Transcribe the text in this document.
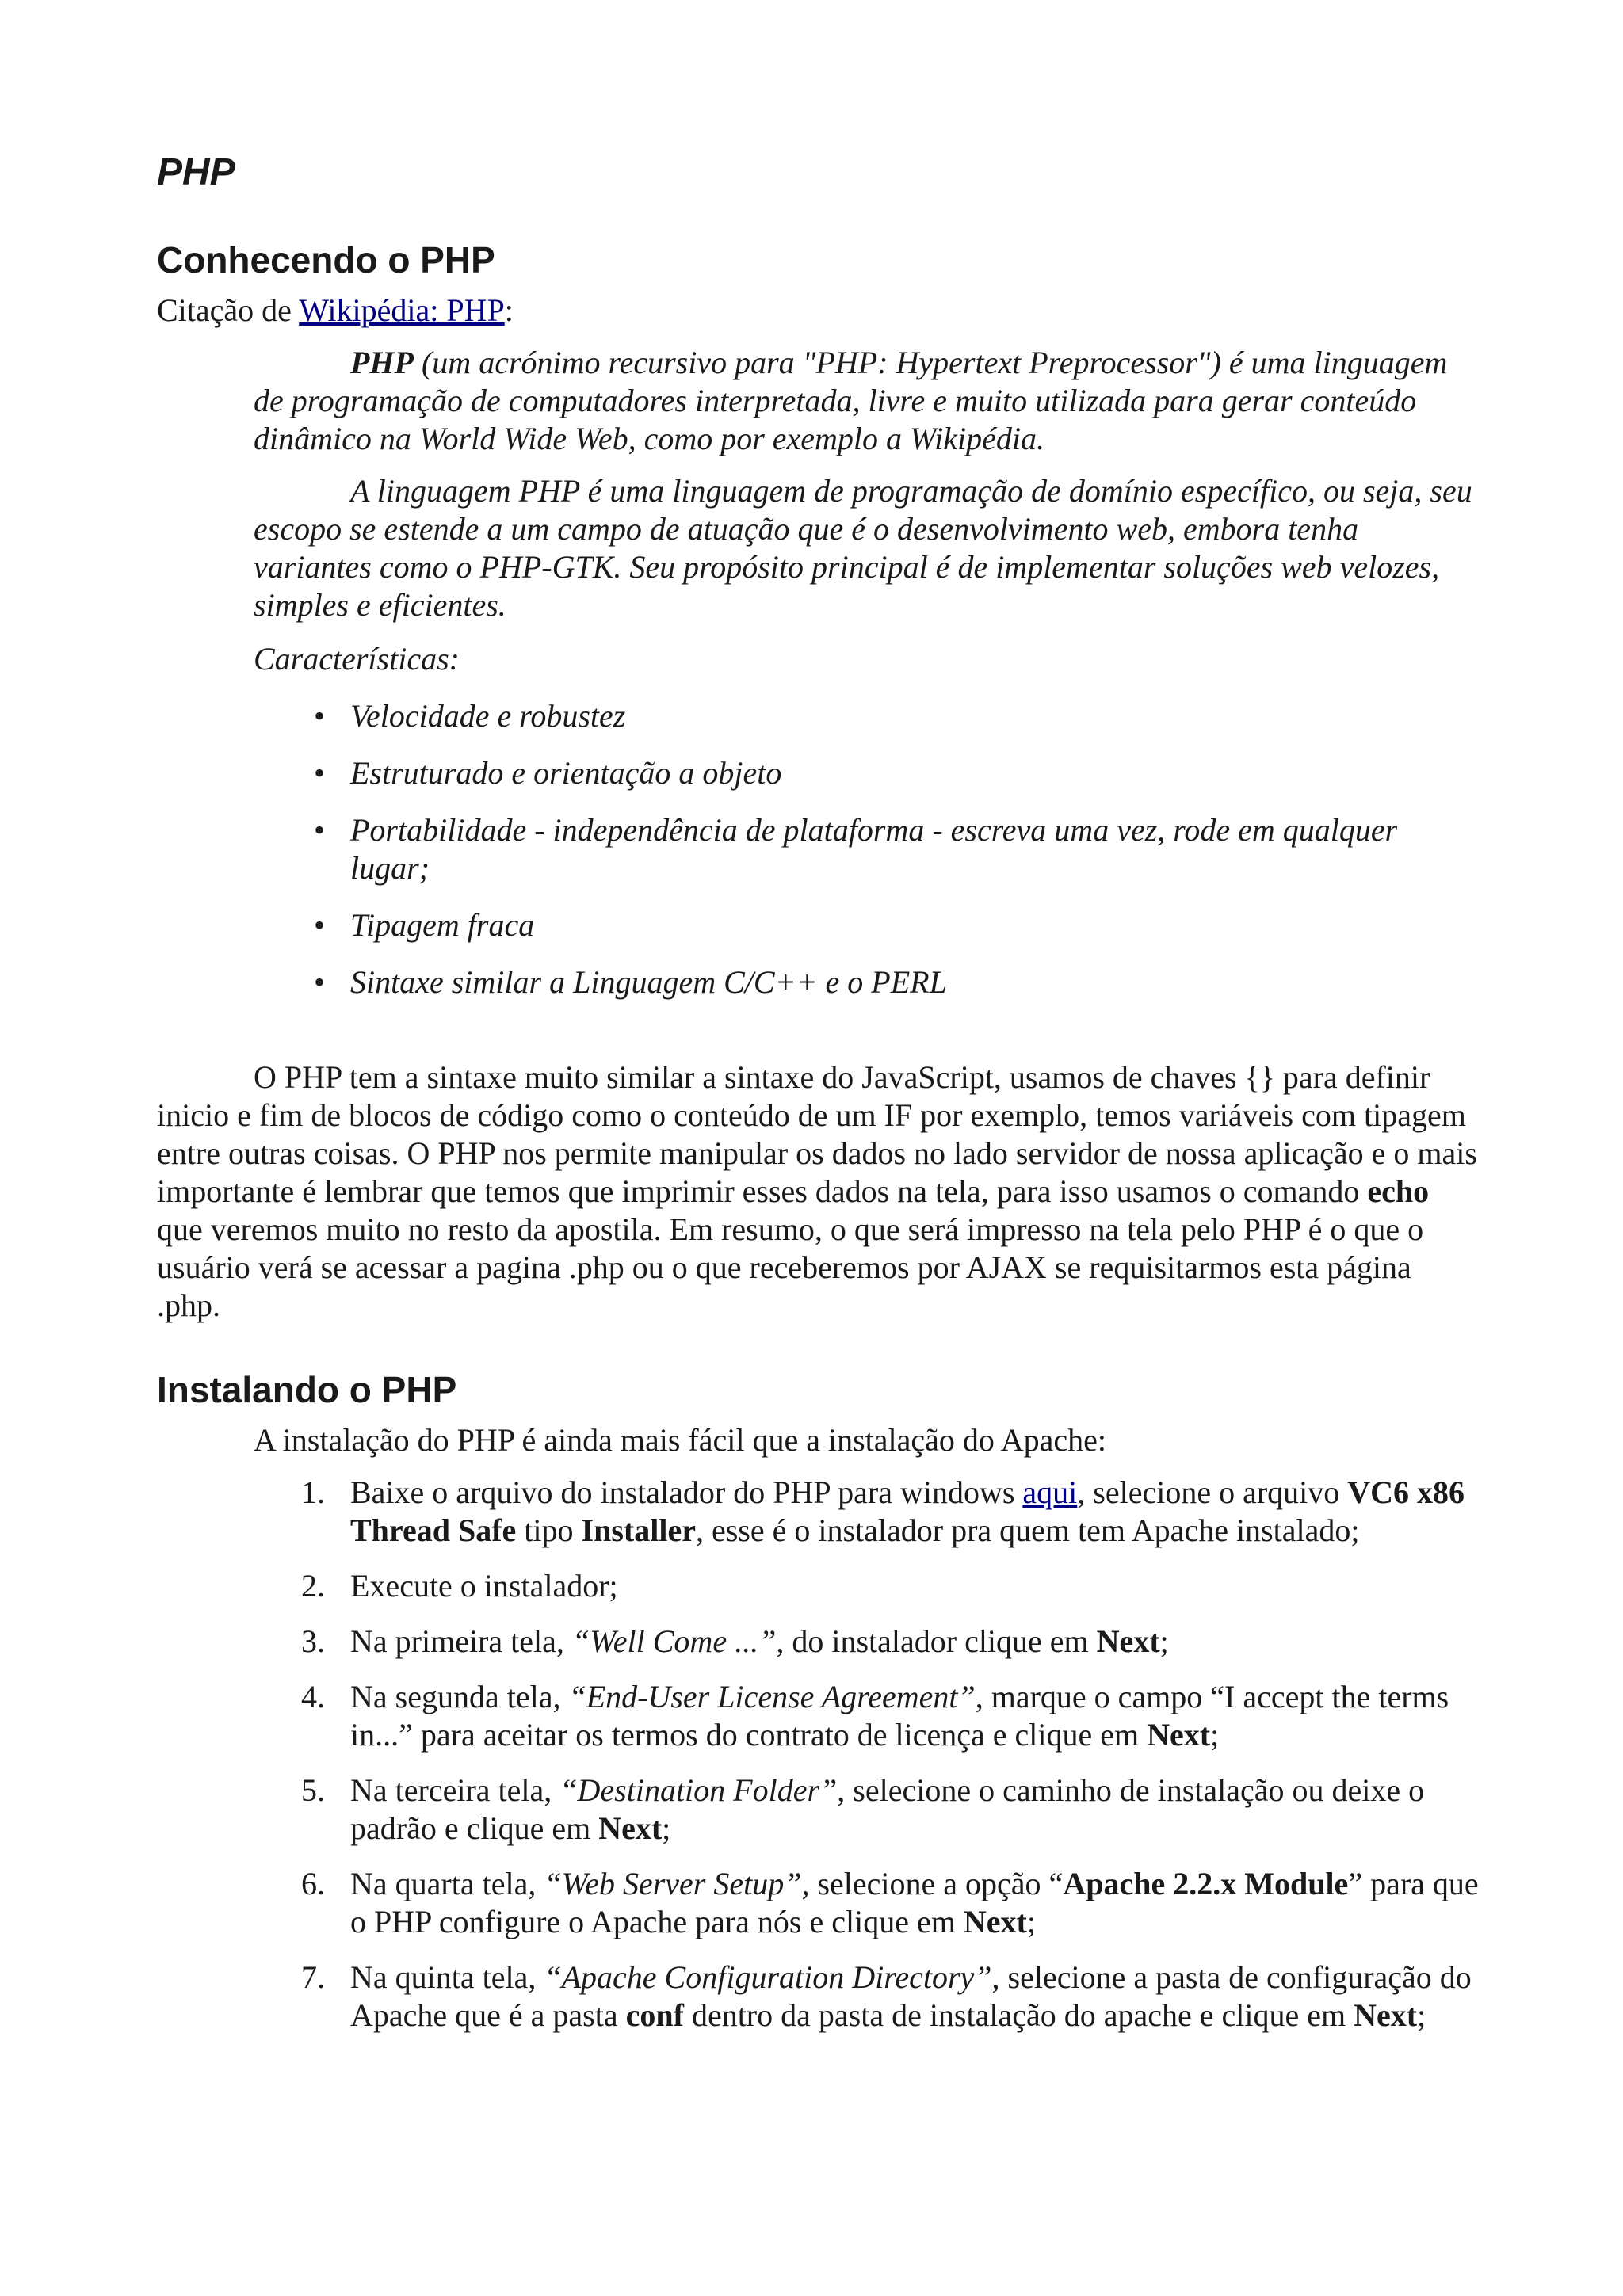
PHP
Conhecendo o PHP

Citação de Wikipédia: PHP:

PHP (um acrónimo recursivo para "PHP: Hypertext Preprocessor") é uma linguagem de programação de computadores interpretada, livre e muito utilizada para gerar conteúdo dinâmico na World Wide Web, como por exemplo a Wikipédia.

A linguagem PHP é uma linguagem de programação de domínio específico, ou seja, seu escopo se estende a um campo de atuação que é o desenvolvimento web, embora tenha variantes como o PHP-GTK. Seu propósito principal é de implementar soluções web velozes, simples e eficientes.

Características:

• Velocidade e robustez
• Estruturado e orientação a objeto
• Portabilidade - independência de plataforma - escreva uma vez, rode em qualquer lugar;
• Tipagem fraca
• Sintaxe similar a Linguagem C/C++ e o PERL

O PHP tem a sintaxe muito similar a sintaxe do JavaScript, usamos de chaves {} para definir inicio e fim de blocos de código como o conteúdo de um IF por exemplo, temos variáveis com tipagem entre outras coisas. O PHP nos permite manipular os dados no lado servidor de nossa aplicação e o mais importante é lembrar que temos que imprimir esses dados na tela, para isso usamos o comando echo que veremos muito no resto da apostila. Em resumo, o que será impresso na tela pelo PHP é o que o usuário verá se acessar a pagina .php ou o que receberemos por AJAX se requisitarmos esta página .php.

Instalando o PHP

A instalação do PHP é ainda mais fácil que a instalação do Apache:

1. Baixe o arquivo do instalador do PHP para windows aqui, selecione o arquivo VC6 x86 Thread Safe tipo Installer, esse é o instalador pra quem tem Apache instalado;
2. Execute o instalador;
3. Na primeira tela, “Well Come ...”, do instalador clique em Next;
4. Na segunda tela, “End-User License Agreement”, marque o campo “I accept the terms in...” para aceitar os termos do contrato de licença e clique em Next;
5. Na terceira tela, “Destination Folder”, selecione o caminho de instalação ou deixe o padrão e clique em Next;
6. Na quarta tela, “Web Server Setup”, selecione a opção “Apache 2.2.x Module” para que o PHP configure o Apache para nós e clique em Next;
7. Na quinta tela, “Apache Configuration Directory”, selecione a pasta de configuração do Apache que é a pasta conf dentro da pasta de instalação do apache e clique em Next;
